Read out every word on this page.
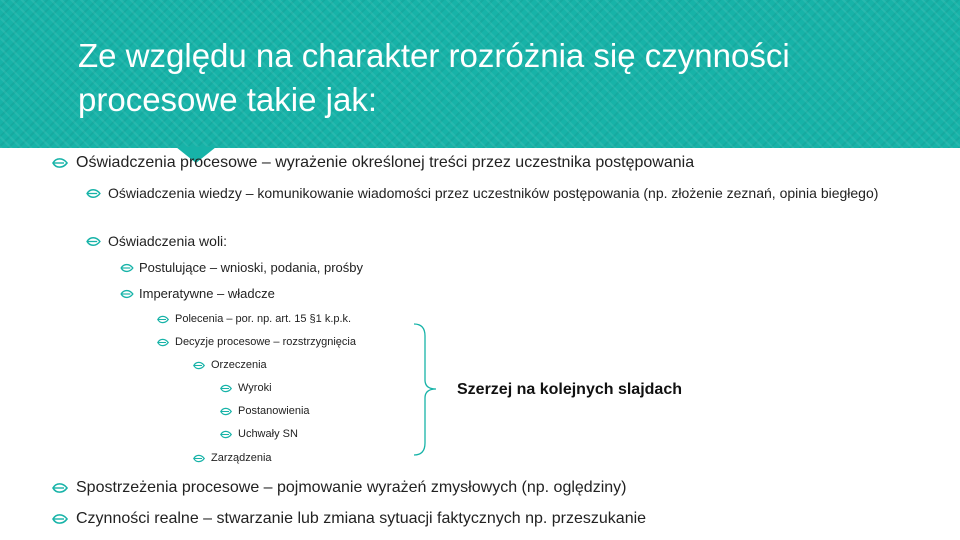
Ze względu na charakter rozróżnia się czynności procesowe takie jak:
Oświadczenia procesowe – wyrażenie określonej treści przez uczestnika postępowania
Oświadczenia wiedzy – komunikowanie wiadomości przez uczestników postępowania (np. złożenie zeznań, opinia biegłego)
Oświadczenia woli:
Postulujące – wnioski, podania, prośby
Imperatywne – władcze
Polecenia – por. np. art. 15 §1 k.p.k.
Decyzje procesowe – rozstrzygnięcia
Orzeczenia
Wyroki
Postanowienia
Uchwały SN
Zarządzenia
Spostrzeżenia procesowe – pojmowanie wyrażeń zmysłowych (np. oględziny)
Czynności realne – stwarzanie lub zmiana sytuacji faktycznych np. przeszukanie
Szerzej na kolejnych slajdach
